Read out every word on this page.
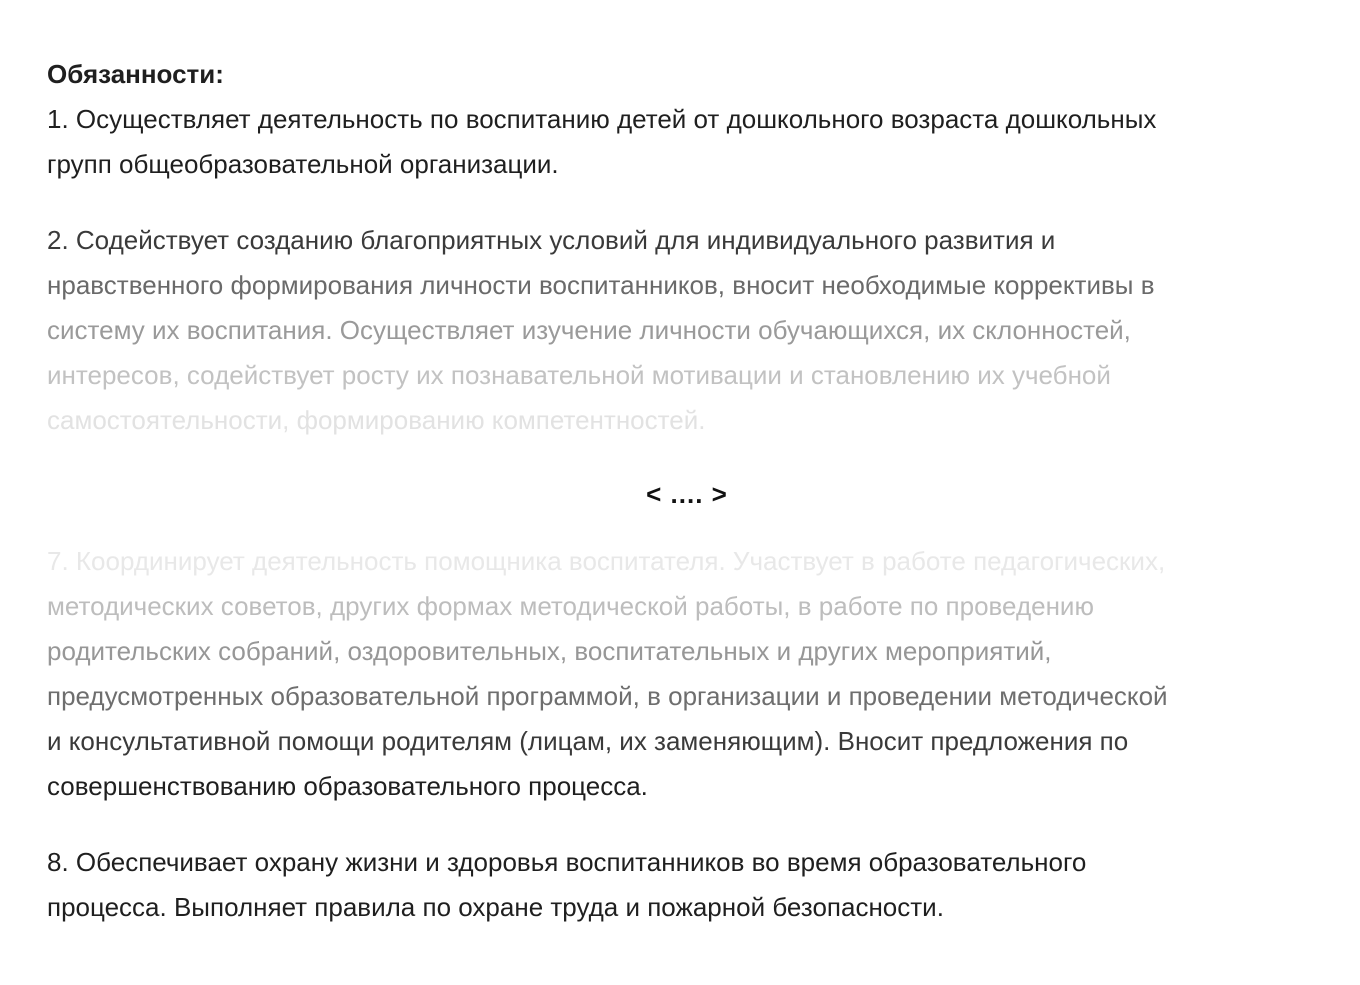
Обязанности:

1. Осуществляет деятельность по воспитанию детей от дошкольного возраста дошкольных
групп общеобразовательной организации.

2. Содействует созданию благоприятных условий для индивидуального развития и
нравственного формирования личности воспитанников, вносит необходимые коррективы в
систему их воспитания. Осуществляет изучение личности обучающихся, их склонностей,
интересов, содействует росту их познавательной мотивации и становлению их учебной
самостоятельности, формированию компетентностей.

< .... >

7. Координирует деятельность помощника воспитателя. Участвует в работе педагогических,
методических советов, других формах методической работы, в работе по проведению
родительских собраний, оздоровительных, воспитательных и других мероприятий,
предусмотренных образовательной программой, в организации и проведении методической
и консультативной помощи родителям (лицам, их заменяющим). Вносит предложения по
совершенствованию образовательного процесса.

8. Обеспечивает охрану жизни и здоровья воспитанников во время образовательного
процесса. Выполняет правила по охране труда и пожарной безопасности.
